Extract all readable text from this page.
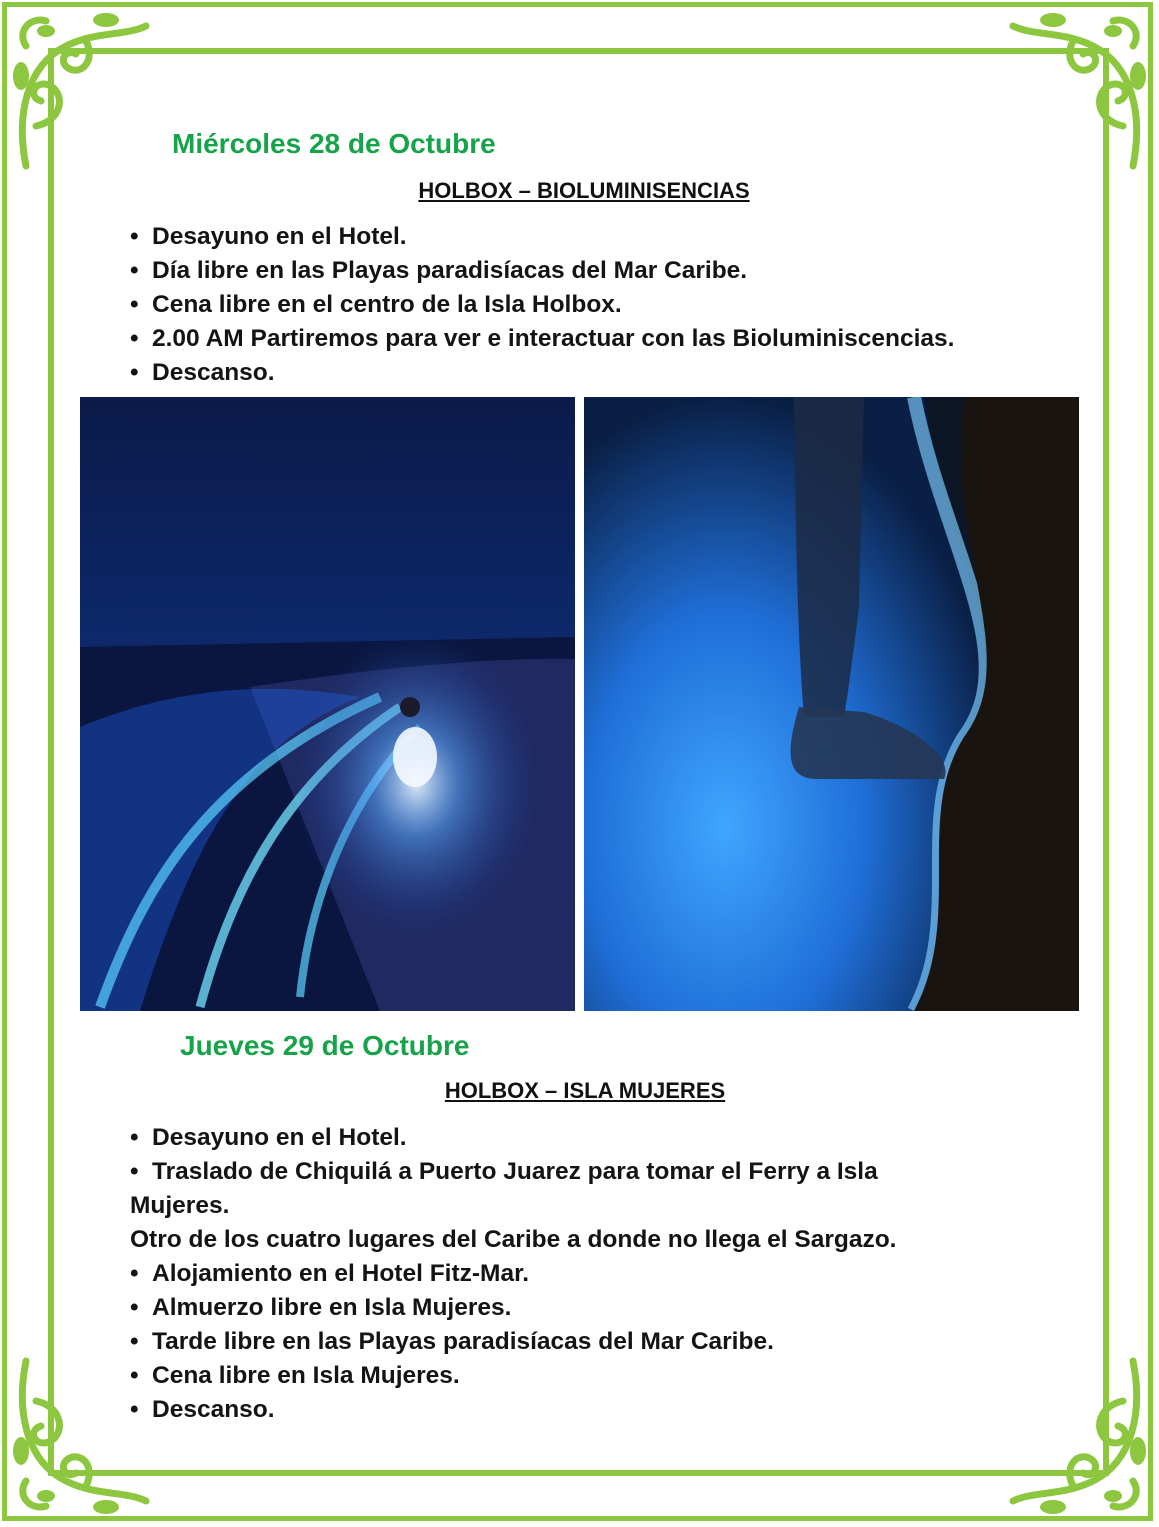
Miércoles 28 de Octubre
HOLBOX – BIOLUMINISENCIAS
• Desayuno en el Hotel.
• Día libre en las Playas paradisíacas del Mar Caribe.
• Cena libre en el centro de la Isla Holbox.
• 2.00 AM Partiremos para ver e interactuar con las Bioluminiscencias.
• Descanso.
Jueves 29 de Octubre
HOLBOX – ISLA MUJERES
• Desayuno en el Hotel.
• Traslado de Chiquilá a Puerto Juarez para tomar el Ferry a Isla
Mujeres.
Otro de los cuatro lugares del Caribe a donde no llega el Sargazo.
• Alojamiento en el Hotel Fitz-Mar.
• Almuerzo libre en Isla Mujeres.
• Tarde libre en las Playas paradisíacas del Mar Caribe.
• Cena libre en Isla Mujeres.
• Descanso.
